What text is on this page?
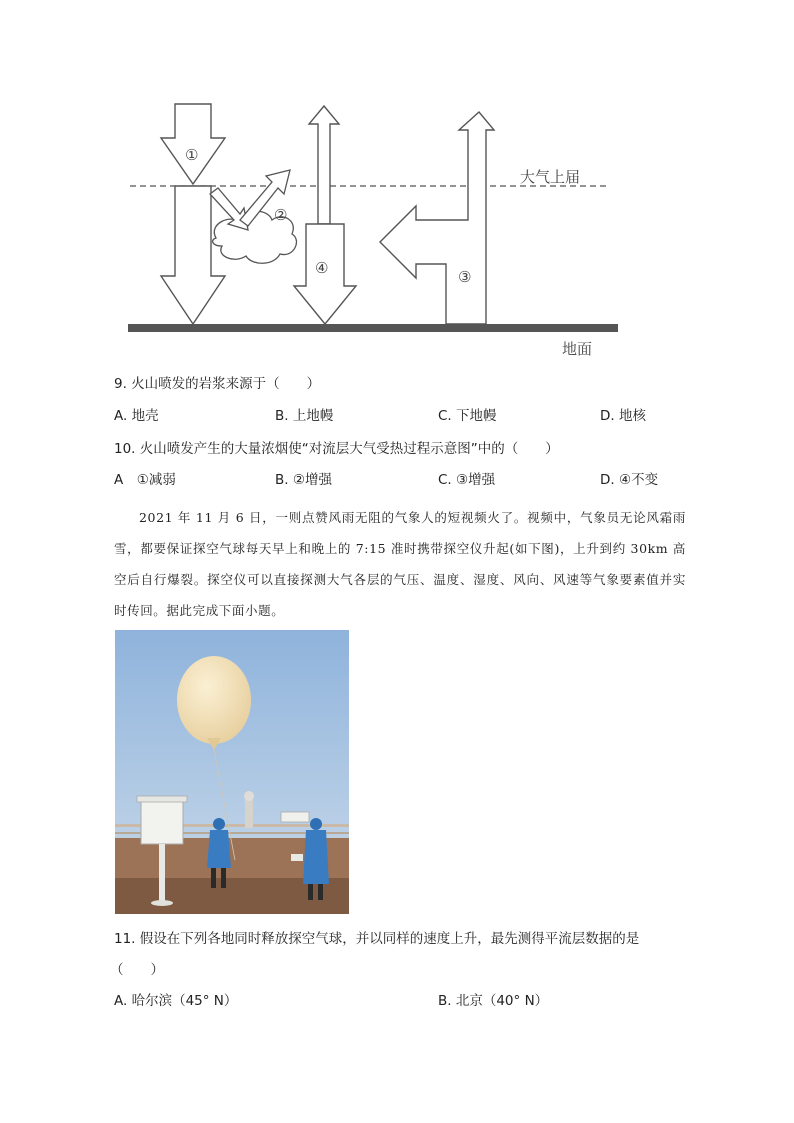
①
②
④	③
大气上届
地面
9. 火山喷发的岩浆来源于（　　）
A. 地壳	B. 上地幔	C. 下地幔	D. 地核
10. 火山喷发产生的大量浓烟使“对流层大气受热过程示意图”中的（　　）
A　①减弱	B. ②增强	C. ③增强	D. ④不变
2021 年 11 月 6 日，一则点赞风雨无阻的气象人的短视频火了。视频中，气象员无论风霜雨雪，都要保证探空气球每天早上和晚上的 7:15 准时携带探空仪升起(如下图)，上升到约 30km 高空后自行爆裂。探空仪可以直接探测大气各层的气压、温度、湿度、风向、风速等气象要素值并实时传回。据此完成下面小题。
11. 假设在下列各地同时释放探空气球，并以同样的速度上升，最先测得平流层数据的是
（　　）
A. 哈尔滨（45° N）	B. 北京（40° N）
